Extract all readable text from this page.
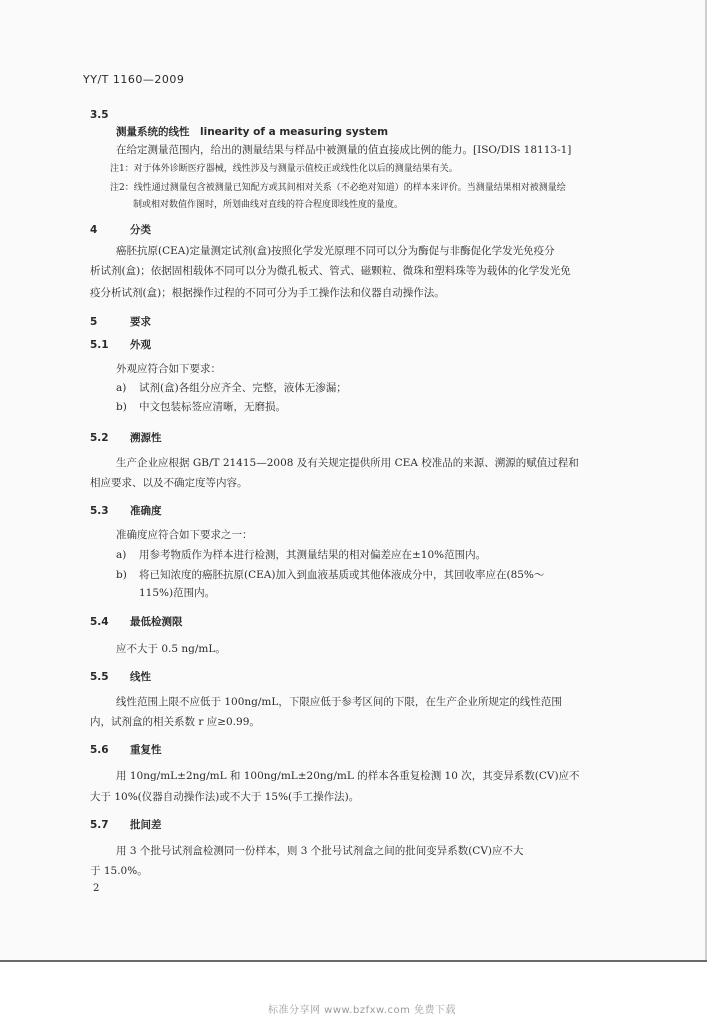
YY/T 1160—2009
3.5
测量系统的线性　linearity of a measuring system
在给定测量范围内，给出的测量结果与样品中被测量的值直接成比例的能力。[ISO/DIS 18113-1]
注1：对于体外诊断医疗器械，线性涉及与测量示值校正或线性化以后的测量结果有关。
注2：线性通过测量包含被测量已知配方或其间相对关系（不必绝对知道）的样本来评价。当测量结果相对被测量绘
制或相对数值作图时，所划曲线对直线的符合程度即线性度的量度。
4	分类
癌胚抗原(CEA)定量测定试剂(盒)按照化学发光原理不同可以分为酶促与非酶促化学发光免疫分
析试剂(盒)；依据固相载体不同可以分为微孔板式、管式、磁颗粒、微珠和塑料珠等为载体的化学发光免
疫分析试剂(盒)；根据操作过程的不同可分为手工操作法和仪器自动操作法。
5	要求
5.1 外观
外观应符合如下要求：
a) 试剂(盒)各组分应齐全、完整，液体无渗漏；
b) 中文包装标签应清晰，无磨损。
5.2 溯源性
生产企业应根据 GB/T 21415—2008 及有关规定提供所用 CEA 校准品的来源、溯源的赋值过程和
相应要求、以及不确定度等内容。
5.3 准确度
准确度应符合如下要求之一：
a) 用参考物质作为样本进行检测，其测量结果的相对偏差应在±10%范围内。
b) 将已知浓度的癌胚抗原(CEA)加入到血液基质或其他体液成分中，其回收率应在(85%～
115%)范围内。
5.4 最低检测限
应不大于 0.5 ng/mL。
5.5 线性
线性范围上限不应低于 100ng/mL，下限应低于参考区间的下限，在生产企业所规定的线性范围
内，试剂盒的相关系数 r 应≥0.99。
5.6 重复性
用 10ng/mL±2ng/mL 和 100ng/mL±20ng/mL 的样本各重复检测 10 次，其变异系数(CV)应不
大于 10%(仪器自动操作法)或不大于 15%(手工操作法)。
5.7 批间差
用 3 个批号试剂盒检测同一份样本，则 3 个批号试剂盒之间的批间变异系数(CV)应不大
于 15.0%。
2
标准分享网 www.bzfxw.com 免费下载
